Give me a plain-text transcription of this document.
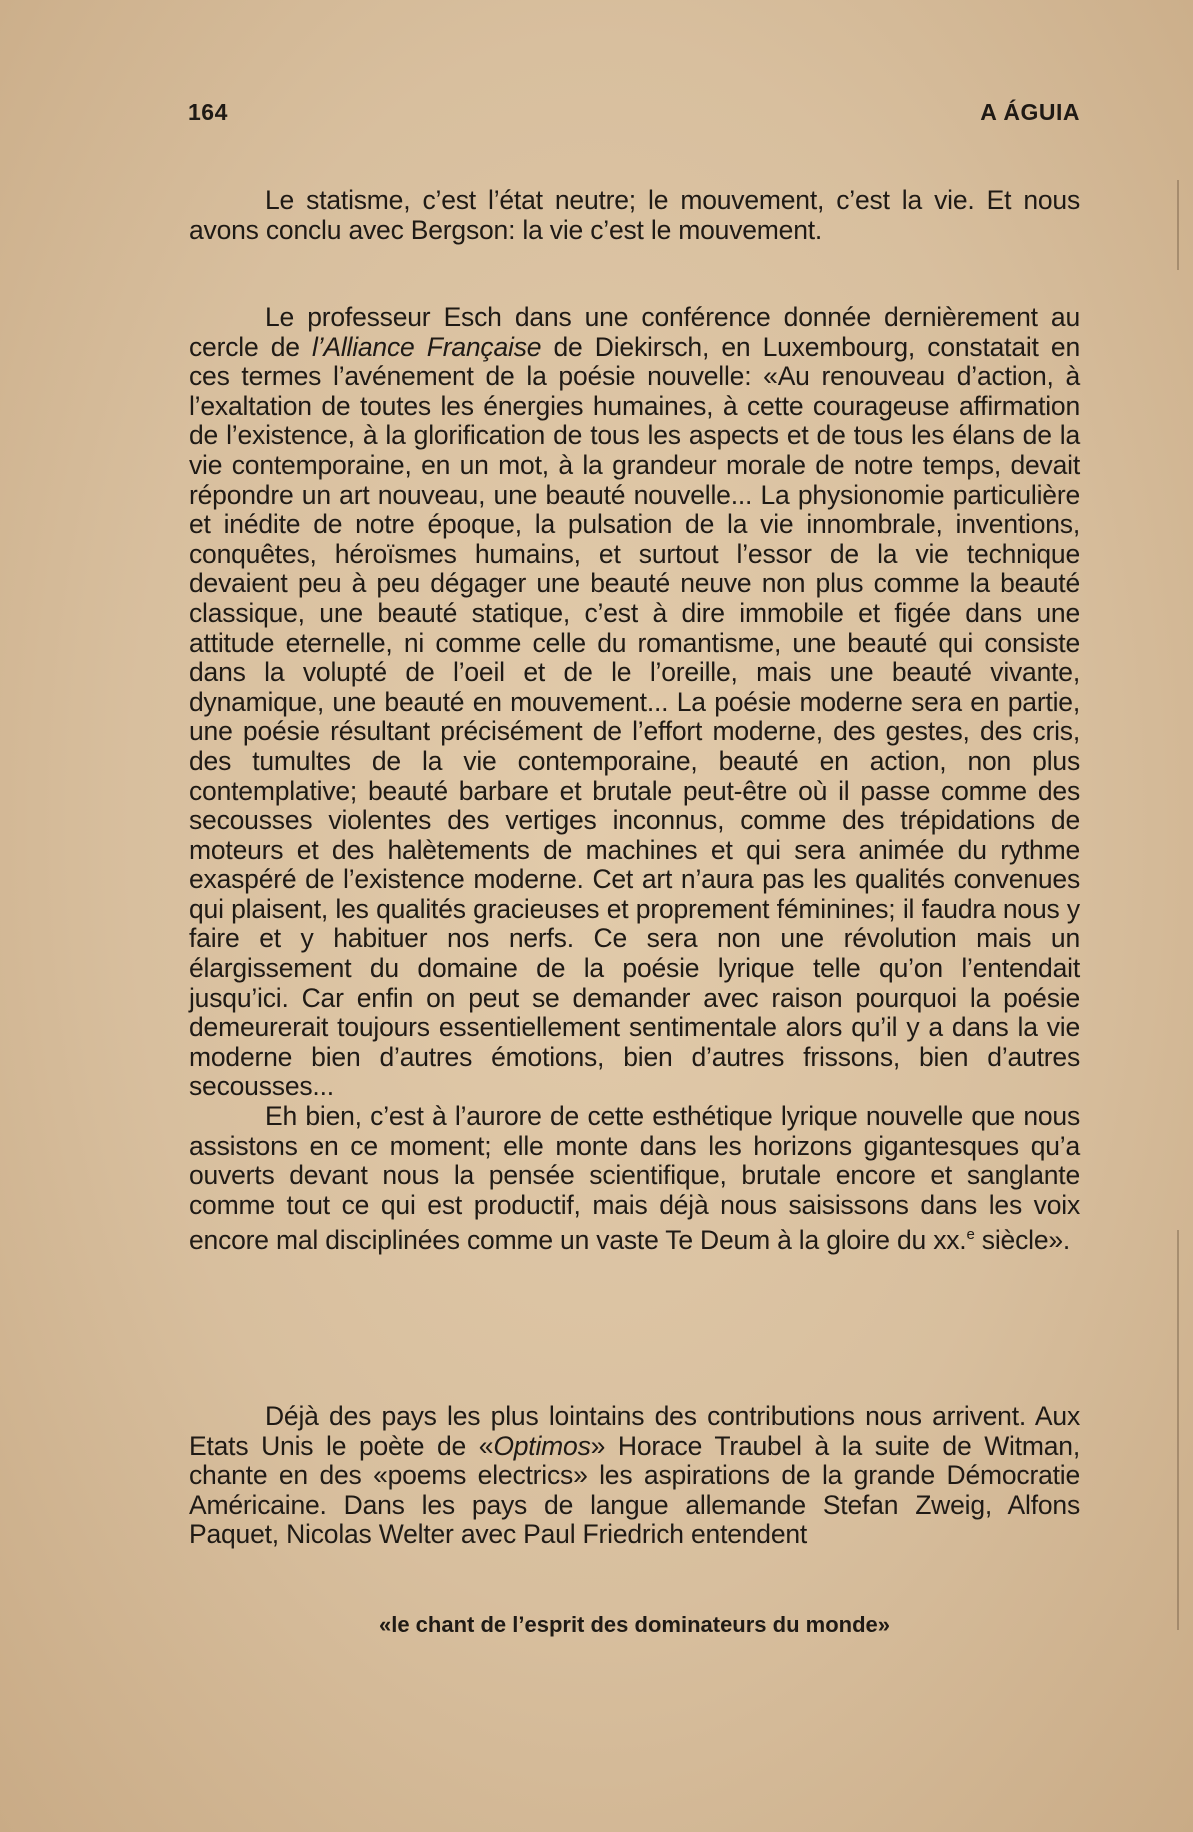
164	A ÁGUIA

Le statisme, c’est l’état neutre; le mouvement, c’est la vie. Et nous avons conclu avec Bergson: la vie c’est le mouvement.

Le professeur Esch dans une conférence donnée dernièrement au cercle de l’Alliance Française de Diekirsch, en Luxembourg, constatait en ces termes l’avénement de la poésie nouvelle: «Au renouveau d’action, à l’exaltation de toutes les énergies humaines, à cette courageuse affirmation de l’existence, à la glorification de tous les aspects et de tous les élans de la vie contemporaine, en un mot, à la grandeur morale de notre temps, devait répondre un art nouveau, une beauté nouvelle... La physionomie particulière et inédite de notre époque, la pulsation de la vie innombrale, inventions, conquêtes, héroïsmes humains, et surtout l’essor de la vie technique devaient peu à peu dégager une beauté neuve non plus comme la beauté classique, une beauté statique, c’est à dire immobile et figée dans une attitude eternelle, ni comme celle du romantisme, une beauté qui consiste dans la volupté de l’oeil et de le l’oreille, mais une beauté vivante, dynamique, une beauté en mouvement... La poésie moderne sera en partie, une poésie résultant précisément de l’effort moderne, des gestes, des cris, des tumultes de la vie contemporaine, beauté en action, non plus contemplative; beauté barbare et brutale peut-être où il passe comme des secousses violentes des vertiges inconnus, comme des trépidations de moteurs et des halètements de machines et qui sera animée du rythme exaspéré de l’existence moderne. Cet art n’aura pas les qualités convenues qui plaisent, les qualités gracieuses et proprement féminines; il faudra nous y faire et y habituer nos nerfs. Ce sera non une révolution mais un élargissement du domaine de la poésie lyrique telle qu’on l’entendait jusqu’ici. Car enfin on peut se demander avec raison pourquoi la poésie demeurerait toujours essentiellement sentimentale alors qu’il y a dans la vie moderne bien d’autres émotions, bien d’autres frissons, bien d’autres secousses...

Eh bien, c’est à l’aurore de cette esthétique lyrique nouvelle que nous assistons en ce moment; elle monte dans les horizons gigantesques qu’a ouverts devant nous la pensée scientifique, brutale encore et sanglante comme tout ce qui est productif, mais déjà nous saisissons dans les voix encore mal disciplinées comme un vaste Te Deum à la gloire du xx.$^e$ siècle».

Déjà des pays les plus lointains des contributions nous arrivent. Aux Etats Unis le poète de «Optimos» Horace Traubel à la suite de Witman, chante en des «poems electrics» les aspirations de la grande Démocratie Américaine. Dans les pays de langue allemande Stefan Zweig, Alfons Paquet, Nicolas Welter avec Paul Friedrich entendent

«le chant de l’esprit des dominateurs du monde»
